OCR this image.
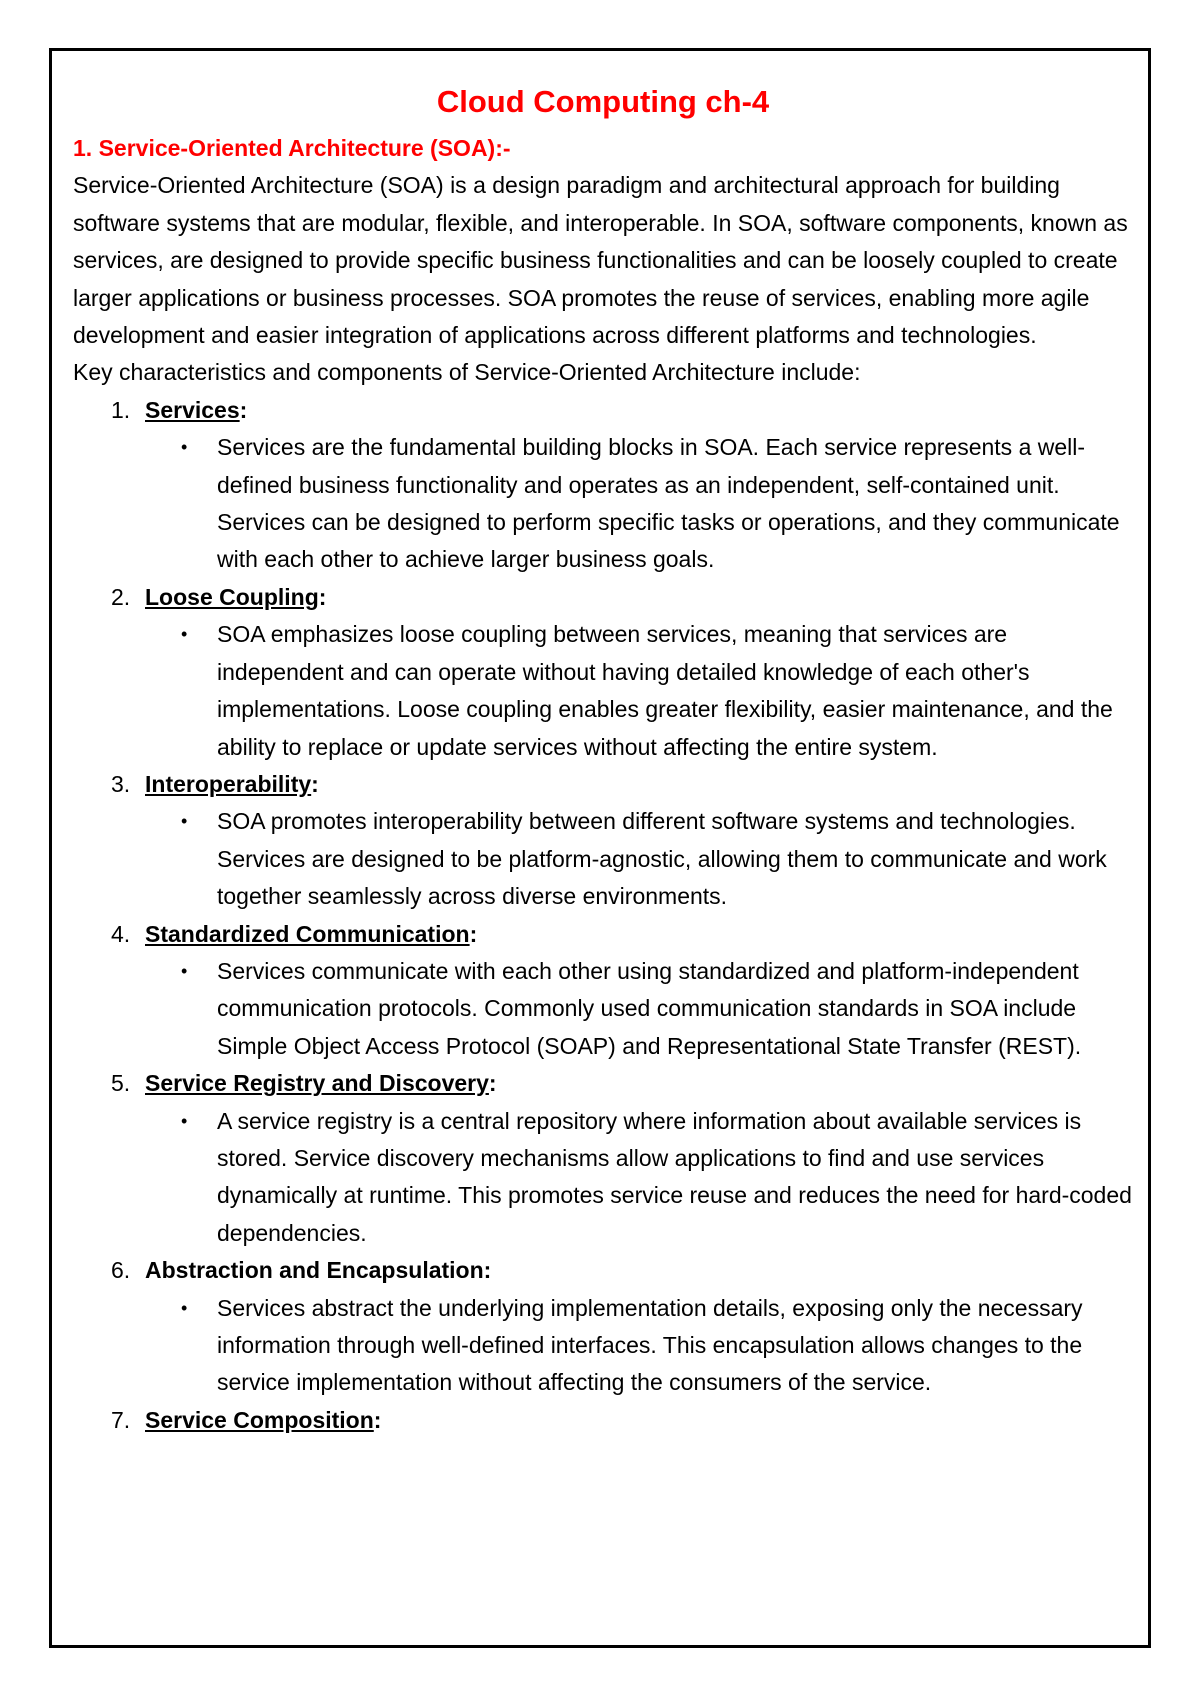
Cloud Computing ch-4
1. Service-Oriented Architecture (SOA):-
Service-Oriented Architecture (SOA) is a design paradigm and architectural approach for building software systems that are modular, flexible, and interoperable. In SOA, software components, known as services, are designed to provide specific business functionalities and can be loosely coupled to create larger applications or business processes. SOA promotes the reuse of services, enabling more agile development and easier integration of applications across different platforms and technologies.
Key characteristics and components of Service-Oriented Architecture include:
1. Services:
• Services are the fundamental building blocks in SOA. Each service represents a well-defined business functionality and operates as an independent, self-contained unit. Services can be designed to perform specific tasks or operations, and they communicate with each other to achieve larger business goals.
2. Loose Coupling:
• SOA emphasizes loose coupling between services, meaning that services are independent and can operate without having detailed knowledge of each other's implementations. Loose coupling enables greater flexibility, easier maintenance, and the ability to replace or update services without affecting the entire system.
3. Interoperability:
• SOA promotes interoperability between different software systems and technologies. Services are designed to be platform-agnostic, allowing them to communicate and work together seamlessly across diverse environments.
4. Standardized Communication:
• Services communicate with each other using standardized and platform-independent communication protocols. Commonly used communication standards in SOA include Simple Object Access Protocol (SOAP) and Representational State Transfer (REST).
5. Service Registry and Discovery:
• A service registry is a central repository where information about available services is stored. Service discovery mechanisms allow applications to find and use services dynamically at runtime. This promotes service reuse and reduces the need for hard-coded dependencies.
6. Abstraction and Encapsulation:
• Services abstract the underlying implementation details, exposing only the necessary information through well-defined interfaces. This encapsulation allows changes to the service implementation without affecting the consumers of the service.
7. Service Composition:
